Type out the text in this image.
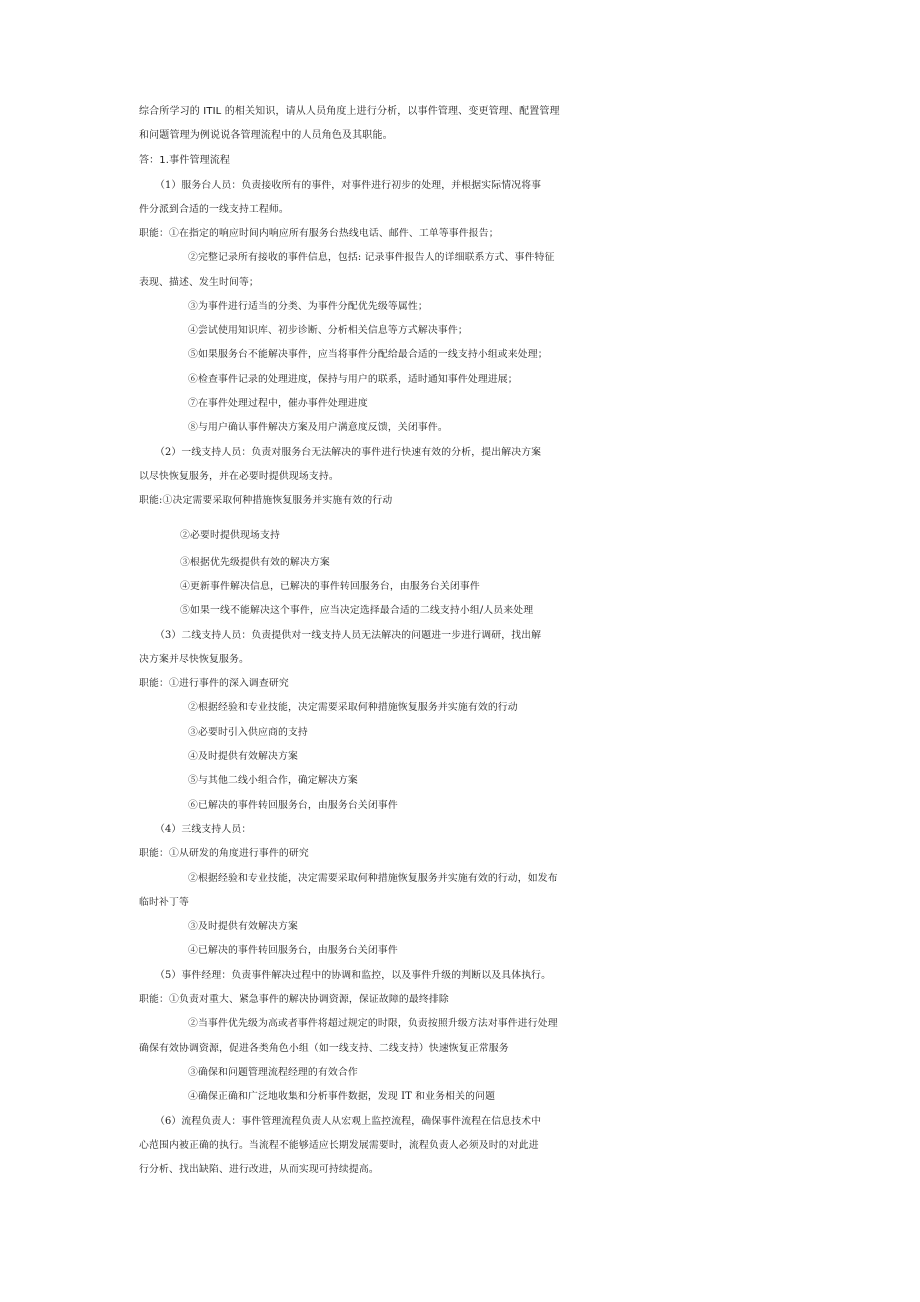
综合所学习的 ITIL 的相关知识，请从人员角度上进行分析，以事件管理、变更管理、配置管理
和问题管理为例说说各管理流程中的人员角色及其职能。
答：1.事件管理流程
（1）服务台人员：负责接收所有的事件，对事件进行初步的处理，并根据实际情况将事
件分派到合适的一线支持工程师。
职能：①在指定的响应时间内响应所有服务台热线电话、邮件、工单等事件报告；
②完整记录所有接收的事件信息，包括: 记录事件报告人的详细联系方式、事件特征
表现、描述、发生时间等；
③为事件进行适当的分类、为事件分配优先级等属性；
④尝试使用知识库、初步诊断、分析相关信息等方式解决事件；
⑤如果服务台不能解决事件，应当将事件分配给最合适的一线支持小组或来处理；
⑥检查事件记录的处理进度，保持与用户的联系，适时通知事件处理进展；
⑦在事件处理过程中，催办事件处理进度
⑧与用户确认事件解决方案及用户满意度反馈，关闭事件。
（2）一线支持人员：负责对服务台无法解决的事件进行快速有效的分析，提出解决方案
以尽快恢复服务，并在必要时提供现场支持。
职能:①决定需要采取何种措施恢复服务并实施有效的行动
②必要时提供现场支持
③根据优先级提供有效的解决方案
④更新事件解决信息，已解决的事件转回服务台，由服务台关闭事件
⑤如果一线不能解决这个事件，应当决定选择最合适的二线支持小组/人员来处理
（3）二线支持人员：负责提供对一线支持人员无法解决的问题进一步进行调研，找出解
决方案并尽快恢复服务。
职能：①进行事件的深入调查研究
②根据经验和专业技能，决定需要采取何种措施恢复服务并实施有效的行动
③必要时引入供应商的支持
④及时提供有效解决方案
⑤与其他二线小组合作，确定解决方案
⑥已解决的事件转回服务台，由服务台关闭事件
（4）三线支持人员：
职能：①从研发的角度进行事件的研究
②根据经验和专业技能，决定需要采取何种措施恢复服务并实施有效的行动，如发布
临时补丁等
③及时提供有效解决方案
④已解决的事件转回服务台，由服务台关闭事件
（5）事件经理：负责事件解决过程中的协调和监控，以及事件升级的判断以及具体执行。
职能：①负责对重大、紧急事件的解决协调资源，保证故障的最终排除
②当事件优先级为高或者事件将超过规定的时限，负责按照升级方法对事件进行处理
确保有效协调资源，促进各类角色小组（如一线支持、二线支持）快速恢复正常服务
③确保和问题管理流程经理的有效合作
④确保正确和广泛地收集和分析事件数据，发现 IT 和业务相关的问题
（6）流程负责人：事件管理流程负责人从宏观上监控流程，确保事件流程在信息技术中
心范围内被正确的执行。当流程不能够适应长期发展需要时，流程负责人必须及时的对此进
行分析、找出缺陷、进行改进，从而实现可持续提高。
